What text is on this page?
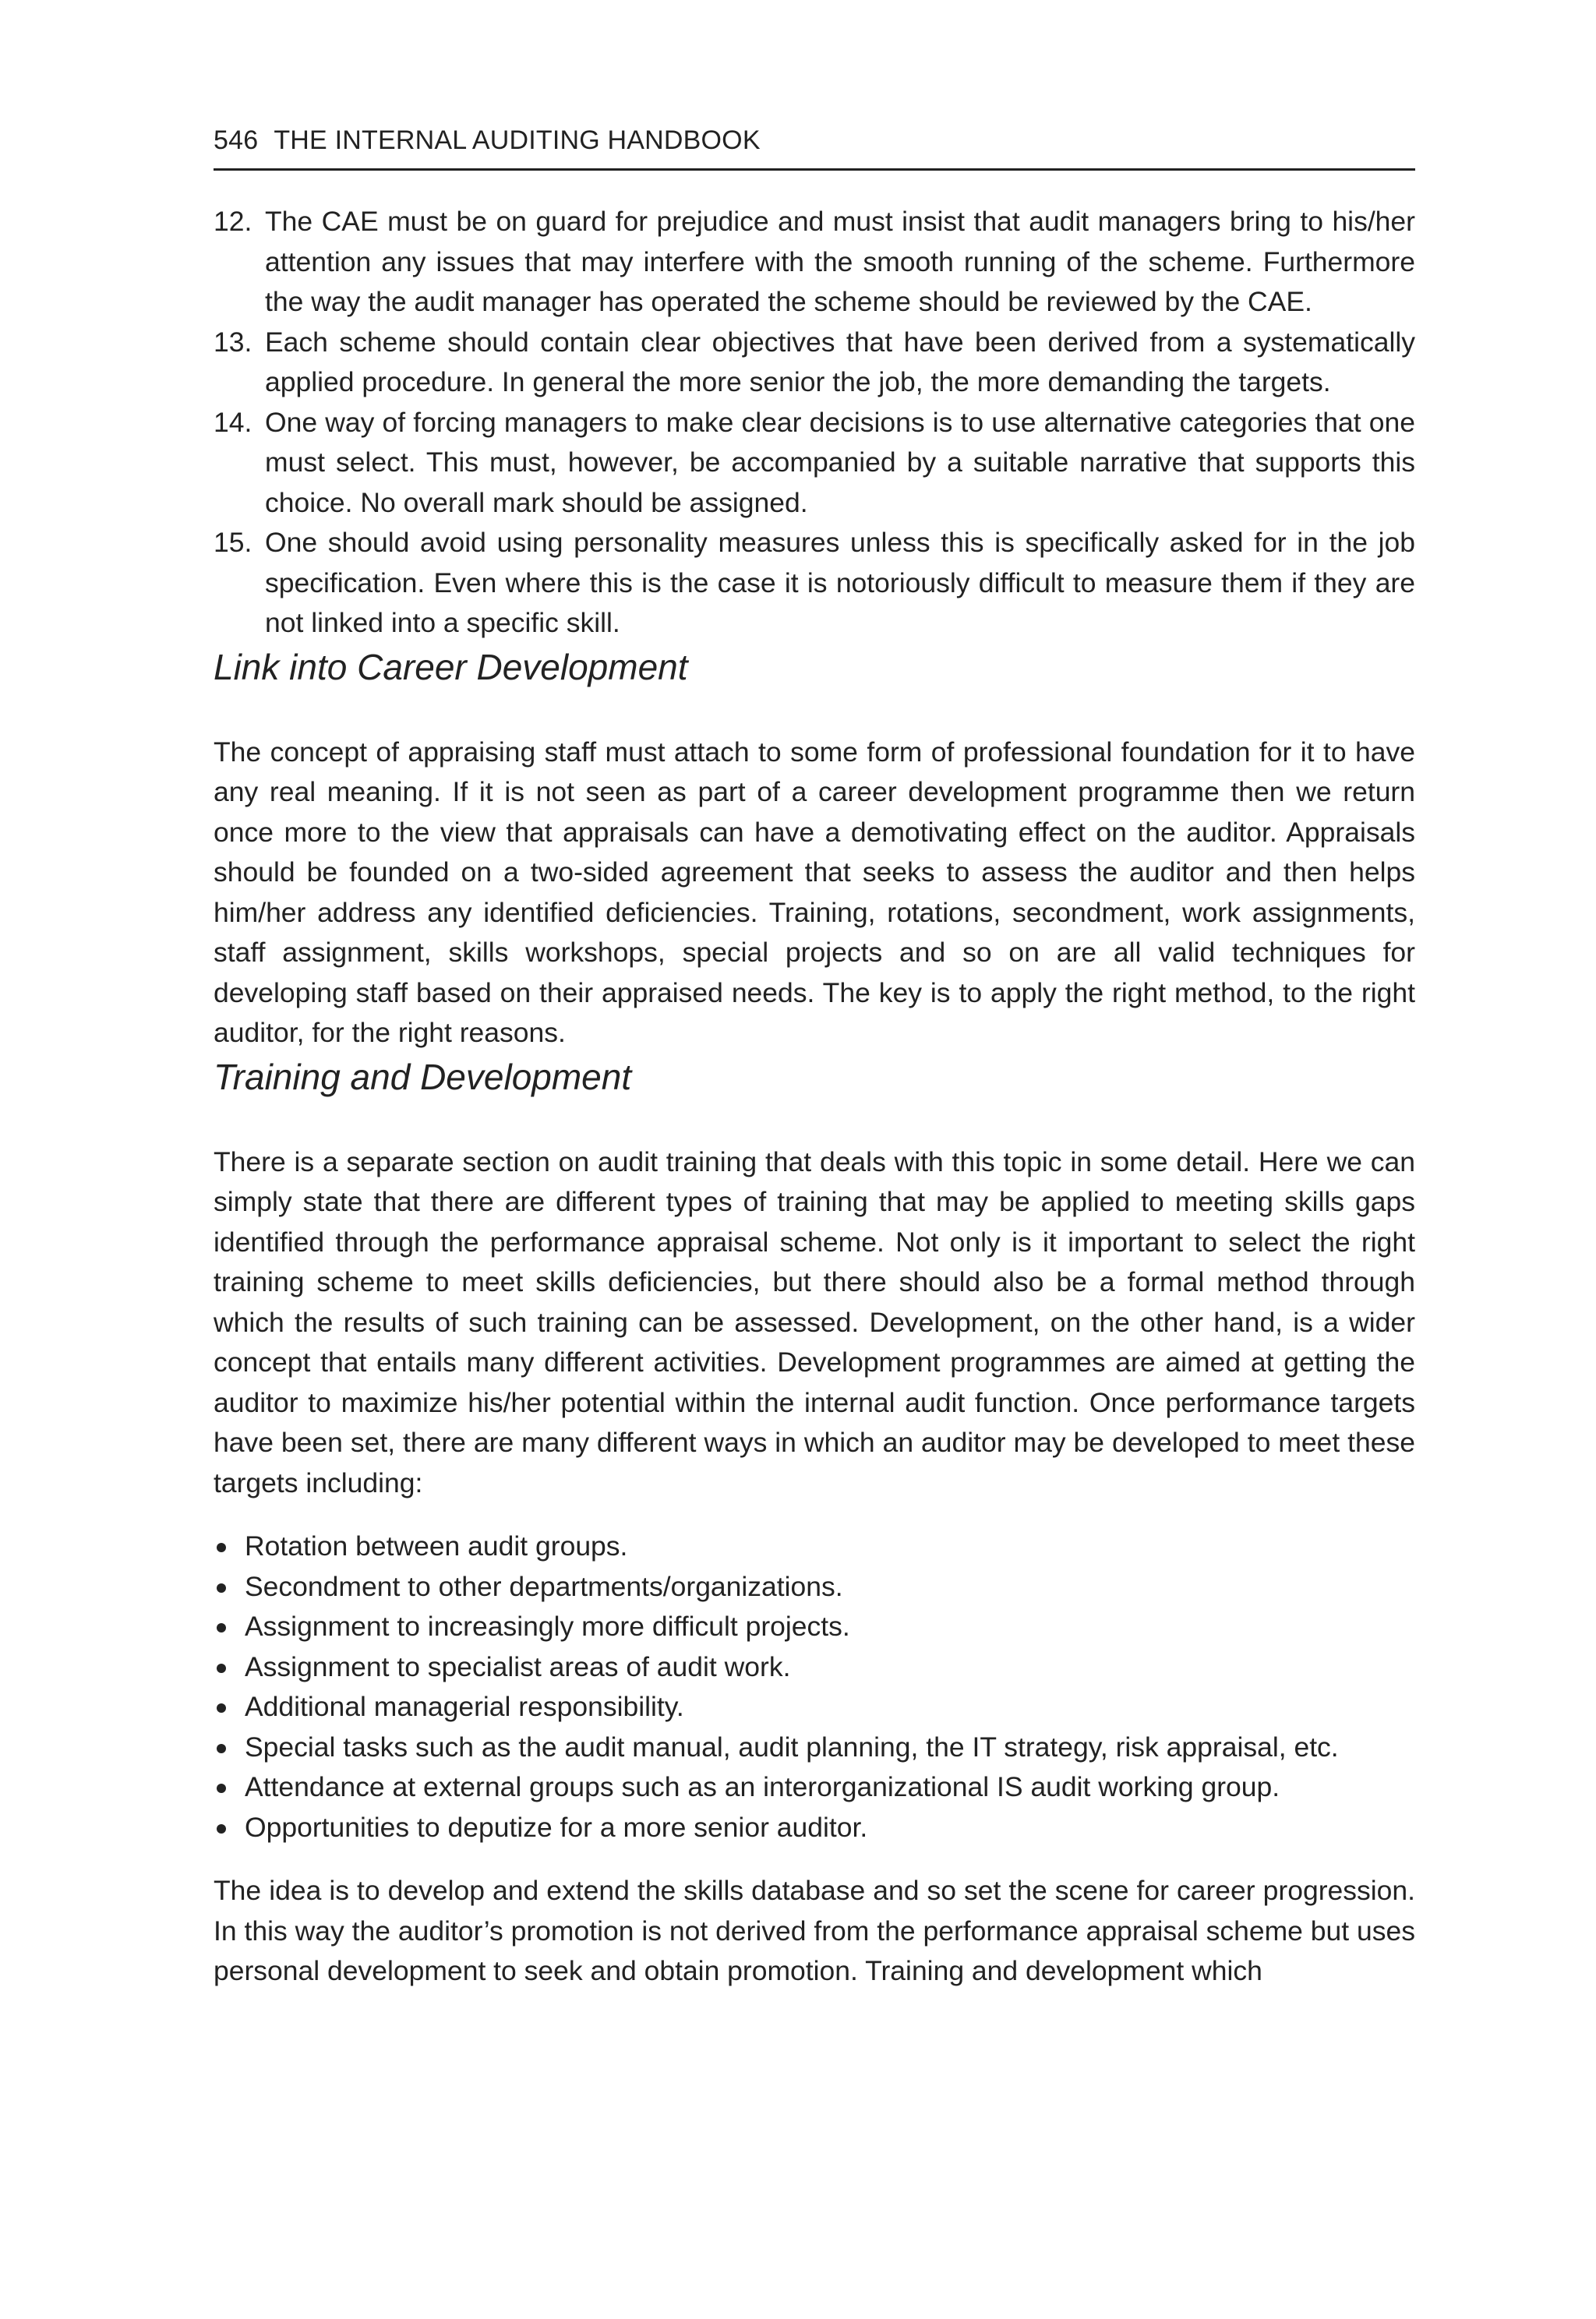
546 THE INTERNAL AUDITING HANDBOOK
12. The CAE must be on guard for prejudice and must insist that audit managers bring to his/her attention any issues that may interfere with the smooth running of the scheme. Furthermore the way the audit manager has operated the scheme should be reviewed by the CAE.
13. Each scheme should contain clear objectives that have been derived from a systematically applied procedure. In general the more senior the job, the more demanding the targets.
14. One way of forcing managers to make clear decisions is to use alternative categories that one must select. This must, however, be accompanied by a suitable narrative that supports this choice. No overall mark should be assigned.
15. One should avoid using personality measures unless this is specifically asked for in the job specification. Even where this is the case it is notoriously difficult to measure them if they are not linked into a specific skill.
Link into Career Development

The concept of appraising staff must attach to some form of professional foundation for it to have any real meaning. If it is not seen as part of a career development programme then we return once more to the view that appraisals can have a demotivating effect on the auditor. Appraisals should be founded on a two-sided agreement that seeks to assess the auditor and then helps him/her address any identified deficiencies. Training, rotations, secondment, work assignments, staff assignment, skills workshops, special projects and so on are all valid techniques for developing staff based on their appraised needs. The key is to apply the right method, to the right auditor, for the right reasons.

Training and Development

There is a separate section on audit training that deals with this topic in some detail. Here we can simply state that there are different types of training that may be applied to meeting skills gaps identified through the performance appraisal scheme. Not only is it important to select the right training scheme to meet skills deficiencies, but there should also be a formal method through which the results of such training can be assessed. Development, on the other hand, is a wider concept that entails many different activities. Development programmes are aimed at getting the auditor to maximize his/her potential within the internal audit function. Once performance targets have been set, there are many different ways in which an auditor may be developed to meet these targets including:

Rotation between audit groups.
Secondment to other departments/organizations.
Assignment to increasingly more difficult projects.
Assignment to specialist areas of audit work.
Additional managerial responsibility.
Special tasks such as the audit manual, audit planning, the IT strategy, risk appraisal, etc.
Attendance at external groups such as an interorganizational IS audit working group.
Opportunities to deputize for a more senior auditor.

The idea is to develop and extend the skills database and so set the scene for career progression. In this way the auditor’s promotion is not derived from the performance appraisal scheme but uses personal development to seek and obtain promotion. Training and development which
